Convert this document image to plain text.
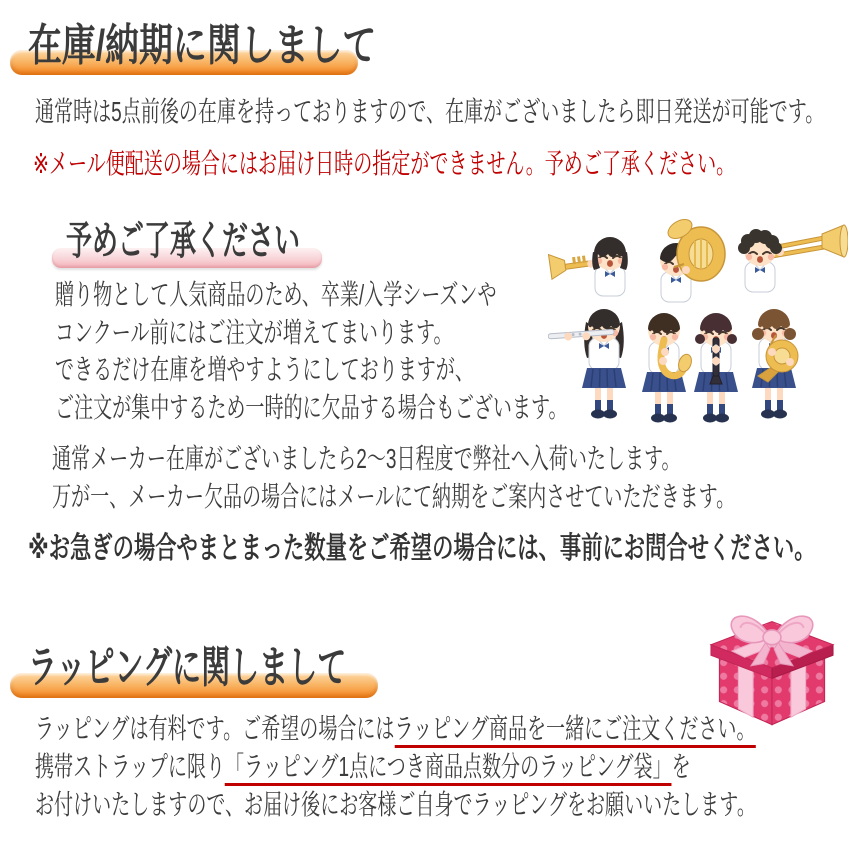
在庫/納期に関しまして
通常時は5点前後の在庫を持っておりますので、在庫がございましたら即日発送が可能です。
※メール便配送の場合にはお届け日時の指定ができません。予めご了承ください。
予めご了承ください
贈り物として人気商品のため、卒業/入学シーズンや
コンクール前にはご注文が増えてまいります。
できるだけ在庫を増やすようにしておりますが、
ご注文が集中するため一時的に欠品する場合もございます。
通常メーカー在庫がございましたら2〜3日程度で弊社へ入荷いたします。
万が一、メーカー欠品の場合にはメールにて納期をご案内させていただきます。
※お急ぎの場合やまとまった数量をご希望の場合には、事前にお問合せください。
ラッピングに関しまして
ラッピングは有料です。ご希望の場合にはラッピング商品を一緒にご注文ください。
携帯ストラップに限り「ラッピング1点につき商品点数分のラッピング袋」を
お付けいたしますので、お届け後にお客様ご自身でラッピングをお願いいたします。
